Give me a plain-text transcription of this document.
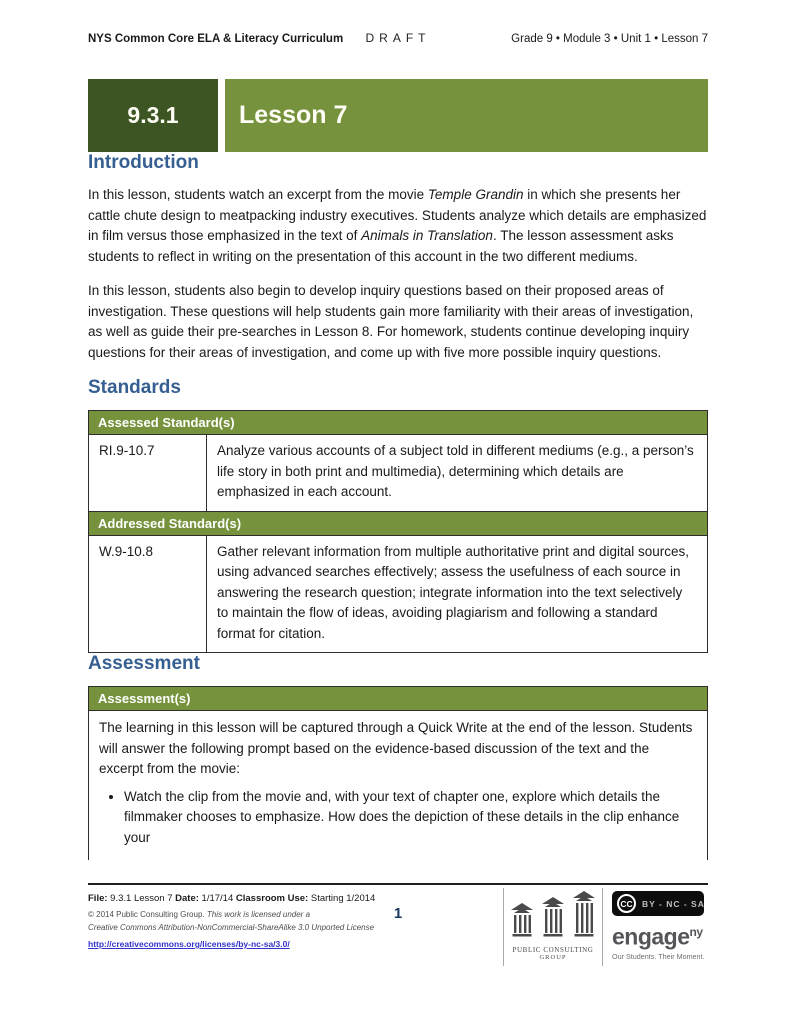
NYS Common Core ELA & Literacy Curriculum	DRAFT	Grade 9 • Module 3 • Unit 1 • Lesson 7
9.3.1	Lesson 7
Introduction

In this lesson, students watch an excerpt from the movie Temple Grandin in which she presents her cattle chute design to meatpacking industry executives. Students analyze which details are emphasized in film versus those emphasized in the text of Animals in Translation. The lesson assessment asks students to reflect in writing on the presentation of this account in the two different mediums.

In this lesson, students also begin to develop inquiry questions based on their proposed areas of investigation. These questions will help students gain more familiarity with their areas of investigation, as well as guide their pre-searches in Lesson 8. For homework, students continue developing inquiry questions for their areas of investigation, and come up with five more possible inquiry questions.

Standards
Assessed Standard(s)	
RI.9-10.7	Analyze various accounts of a subject told in different mediums (e.g., a person’s life story in both print and multimedia), determining which details are emphasized in each account.
Addressed Standard(s)	
W.9-10.8	Gather relevant information from multiple authoritative print and digital sources, using advanced searches effectively; assess the usefulness of each source in answering the research question; integrate information into the text selectively to maintain the flow of ideas, avoiding plagiarism and following a standard format for citation.
Assessment
Assessment(s)

The learning in this lesson will be captured through a Quick Write at the end of the lesson. Students will answer the following prompt based on the evidence-based discussion of the text and the excerpt from the movie:
• Watch the clip from the movie and, with your text of chapter one, explore which details the filmmaker chooses to emphasize. How does the depiction of these details in the clip enhance your
File: 9.3.1 Lesson 7 Date: 1/17/14 Classroom Use: Starting 1/2014
© 2014 Public Consulting Group. This work is licensed under a
Creative Commons Attribution-NonCommercial-ShareAlike 3.0 Unported License
http://creativecommons.org/licenses/by-nc-sa/3.0/
1
PUBLIC CONSULTING
GROUP
CC	BY - NC - SA
engage$^{ny}$
Our Students. Their Moment.
